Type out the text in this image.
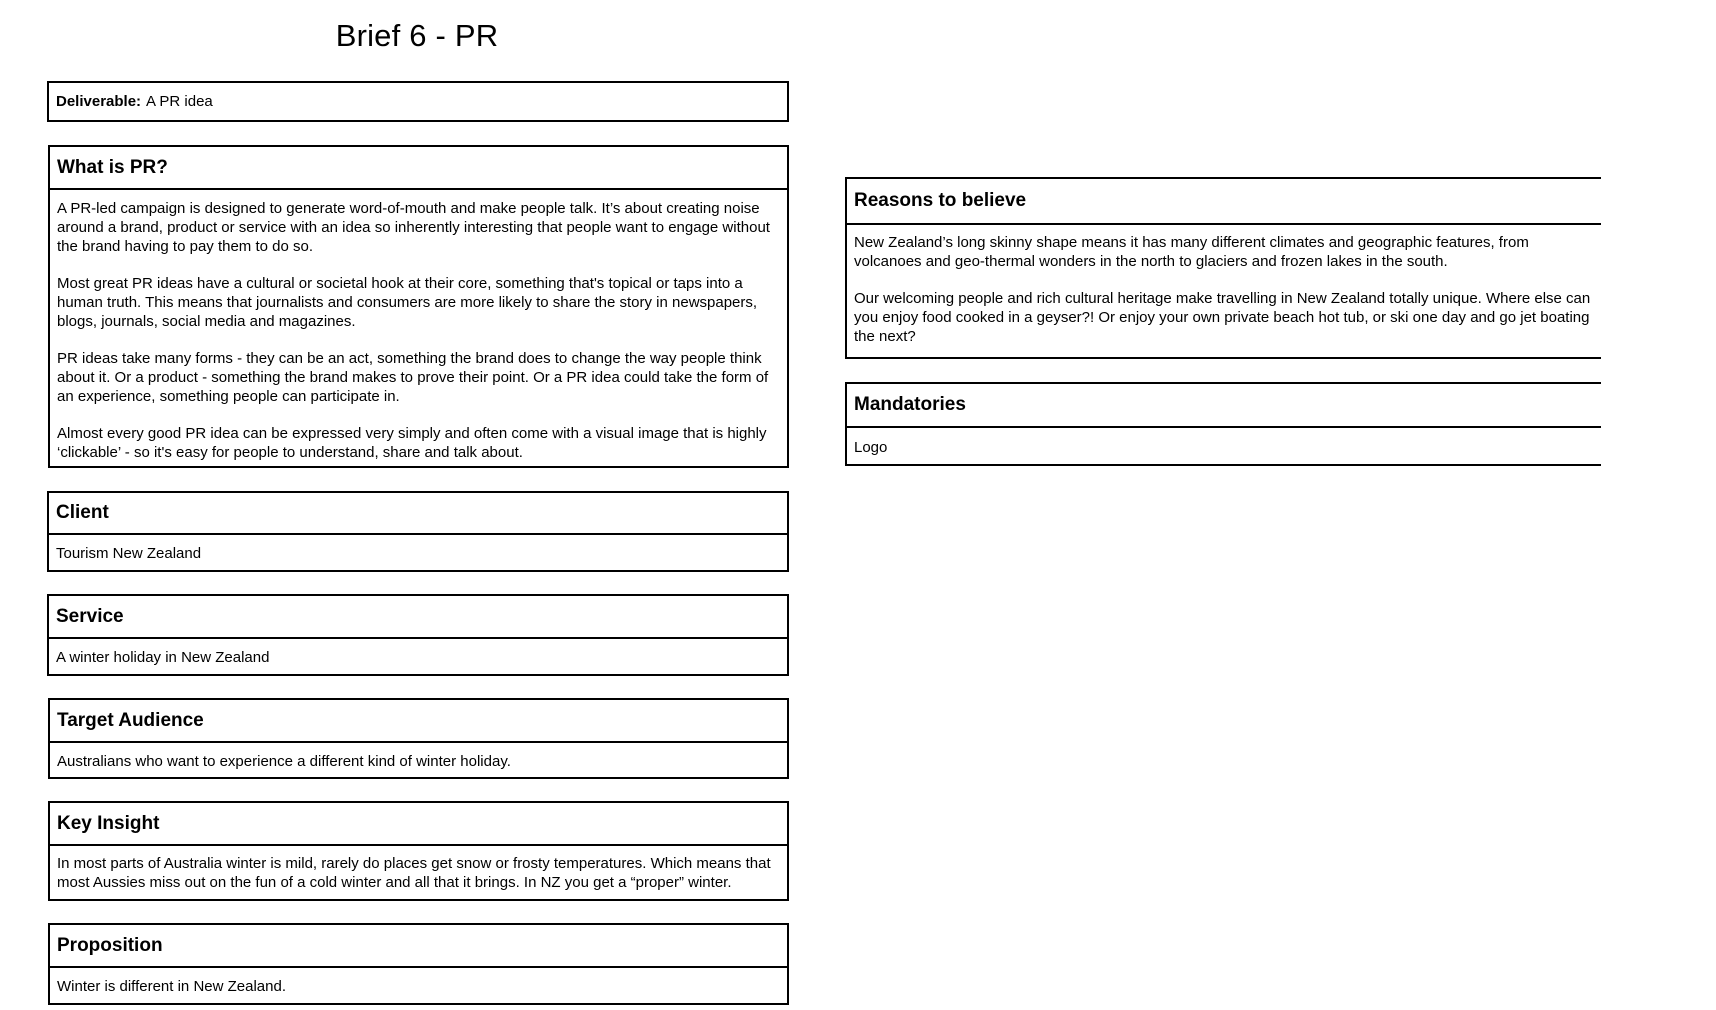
Brief 6 - PR
Deliverable: A PR idea
What is PR?

A PR-led campaign is designed to generate word-of-mouth and make people talk. It’s about creating noise around a brand, product or service with an idea so inherently interesting that people want to engage without the brand having to pay them to do so.

Most great PR ideas have a cultural or societal hook at their core, something that's topical or taps into a human truth. This means that journalists and consumers are more likely to share the story in newspapers, blogs, journals, social media and magazines.

PR ideas take many forms - they can be an act, something the brand does to change the way people think about it. Or a product - something the brand makes to prove their point. Or a PR idea could take the form of an experience, something people can participate in.

Almost every good PR idea can be expressed very simply and often come with a visual image that is highly ‘clickable’ - so it's easy for people to understand, share and talk about.

Client
Tourism New Zealand
Service
A winter holiday in New Zealand
Target Audience
Australians who want to experience a different kind of winter holiday.
Key Insight
In most parts of Australia winter is mild, rarely do places get snow or frosty temperatures. Which means that most Aussies miss out on the fun of a cold winter and all that it brings. In NZ you get a “proper” winter.
Proposition
Winter is different in New Zealand.
Reasons to believe

New Zealand’s long skinny shape means it has many different climates and geographic features, from volcanoes and geo-thermal wonders in the north to glaciers and frozen lakes in the south.

Our welcoming people and rich cultural heritage make travelling in New Zealand totally unique. Where else can you enjoy food cooked in a geyser?! Or enjoy your own private beach hot tub, or ski one day and go jet boating the next?

Mandatories
Logo
